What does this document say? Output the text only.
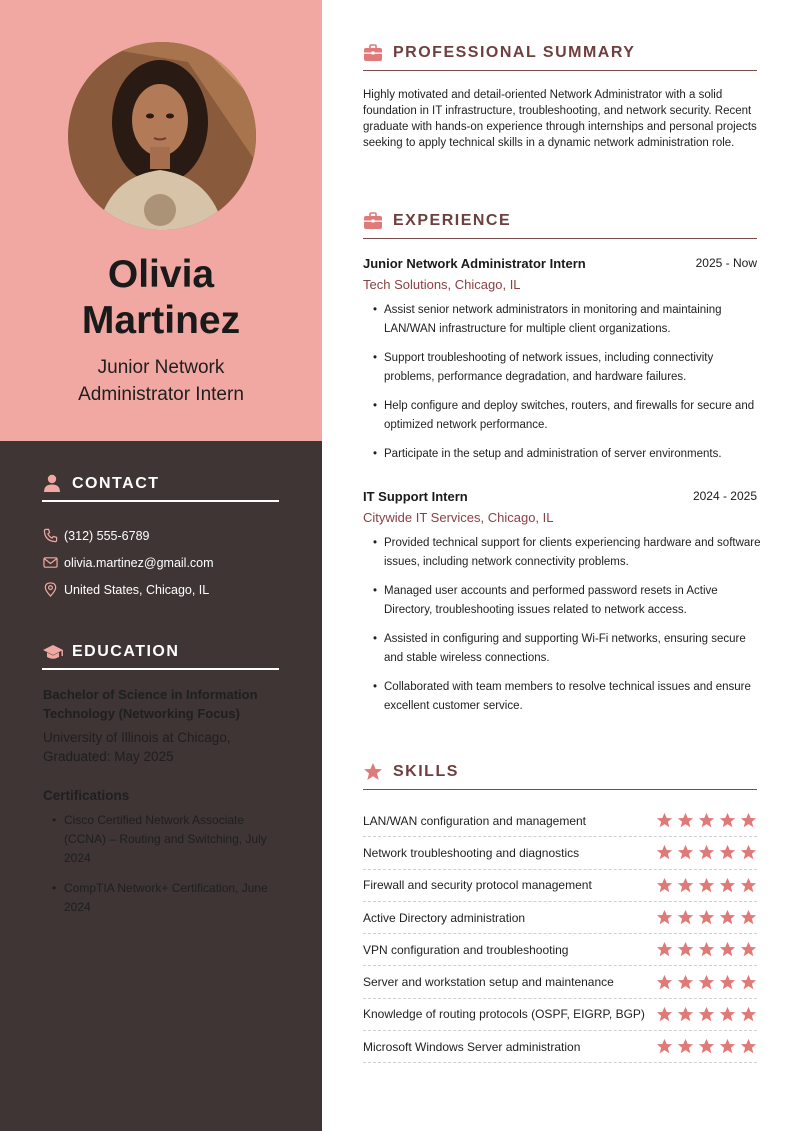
Olivia
Martinez
Junior Network Administrator Intern
CONTACT
(312) 555-6789
olivia.martinez@gmail.com
United States, Chicago, IL
EDUCATION
Bachelor of Science in Information Technology (Networking Focus)
University of Illinois at Chicago, Graduated: May 2025
Certifications
• Cisco Certified Network Associate (CCNA) – Routing and Switching, July 2024
• CompTIA Network+ Certification, June 2024
PROFESSIONAL SUMMARY

Highly motivated and detail-oriented Network Administrator with a solid foundation in IT infrastructure, troubleshooting, and network security. Recent graduate with hands-on experience through internships and personal projects seeking to apply technical skills in a dynamic network administration role.

EXPERIENCE
Junior Network Administrator Intern	2025 - Now
Tech Solutions, Chicago, IL
• Assist senior network administrators in monitoring and maintaining LAN/WAN infrastructure for multiple client organizations.
• Support troubleshooting of network issues, including connectivity problems, performance degradation, and hardware failures.
• Help configure and deploy switches, routers, and firewalls for secure and optimized network performance.
• Participate in the setup and administration of server environments.
IT Support Intern	2024 - 2025
Citywide IT Services, Chicago, IL
• Provided technical support for clients experiencing hardware and software issues, including network connectivity problems.
• Managed user accounts and performed password resets in Active Directory, troubleshooting issues related to network access.
• Assisted in configuring and supporting Wi-Fi networks, ensuring secure and stable wireless connections.
• Collaborated with team members to resolve technical issues and ensure excellent customer service.
SKILLS
LAN/WAN configuration and management
Network troubleshooting and diagnostics
Firewall and security protocol management
Active Directory administration
VPN configuration and troubleshooting
Server and workstation setup and maintenance
Knowledge of routing protocols (OSPF, EIGRP, BGP)
Microsoft Windows Server administration
